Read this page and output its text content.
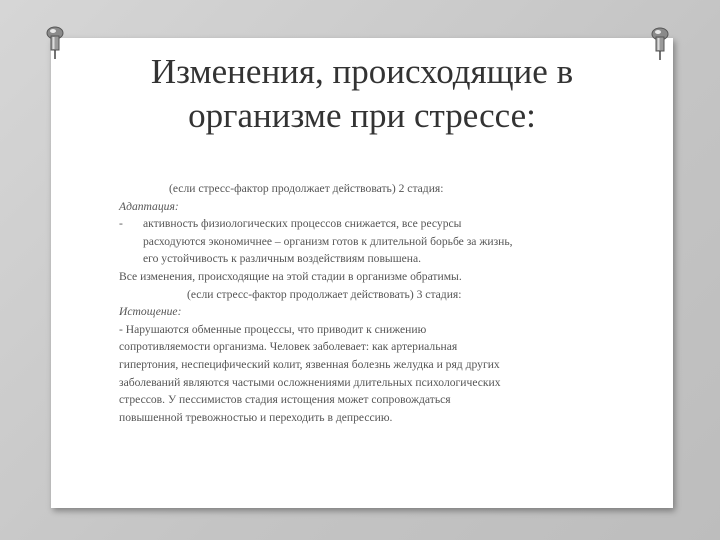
Изменения, происходящие в
организме при стрессе:
(если стресс-фактор продолжает действовать) 2 стадия:
Адаптация:
-	активность физиологических процессов снижается, все ресурсы
расходуются экономичнее – организм готов к длительной борьбе за жизнь,
его устойчивость к различным воздействиям повышена.
Все изменения, происходящие на этой стадии в организме обратимы.
(если стресс-фактор продолжает действовать) 3 стадия:
Истощение:
- Нарушаются обменные процессы, что приводит к снижению
сопротивляемости организма. Человек заболевает: как артериальная
гипертония, неспецифический колит, язвенная болезнь желудка и ряд других
заболеваний являются частыми осложнениями длительных психологических
стрессов. У пессимистов стадия истощения может сопровождаться
повышенной тревожностью и переходить в депрессию.
